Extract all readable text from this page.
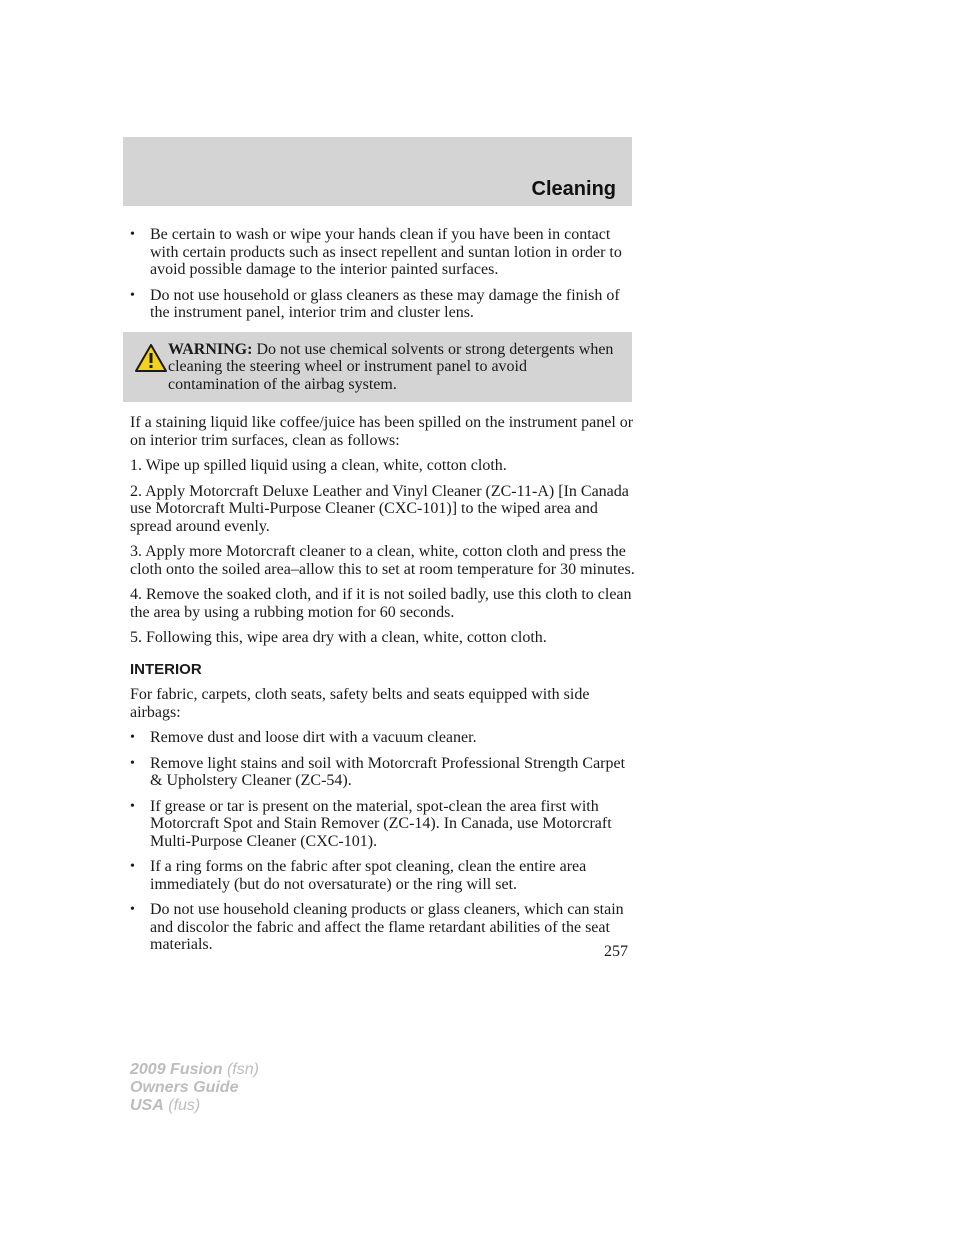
Cleaning
• Be certain to wash or wipe your hands clean if you have been in contact with certain products such as insect repellent and suntan lotion in order to avoid possible damage to the interior painted surfaces.
• Do not use household or glass cleaners as these may damage the finish of the instrument panel, interior trim and cluster lens.
WARNING: Do not use chemical solvents or strong detergents when cleaning the steering wheel or instrument panel to avoid contamination of the airbag system.

If a staining liquid like coffee/juice has been spilled on the instrument panel or on interior trim surfaces, clean as follows:

1. Wipe up spilled liquid using a clean, white, cotton cloth.

2. Apply Motorcraft Deluxe Leather and Vinyl Cleaner (ZC-11-A) [In Canada use Motorcraft Multi-Purpose Cleaner (CXC-101)] to the wiped area and spread around evenly.

3. Apply more Motorcraft cleaner to a clean, white, cotton cloth and press the cloth onto the soiled area–allow this to set at room temperature for 30 minutes.

4. Remove the soaked cloth, and if it is not soiled badly, use this cloth to clean the area by using a rubbing motion for 60 seconds.

5. Following this, wipe area dry with a clean, white, cotton cloth.

INTERIOR

For fabric, carpets, cloth seats, safety belts and seats equipped with side airbags:

• Remove dust and loose dirt with a vacuum cleaner.
• Remove light stains and soil with Motorcraft Professional Strength Carpet & Upholstery Cleaner (ZC-54).
• If grease or tar is present on the material, spot-clean the area first with Motorcraft Spot and Stain Remover (ZC-14). In Canada, use Motorcraft Multi-Purpose Cleaner (CXC-101).
• If a ring forms on the fabric after spot cleaning, clean the entire area immediately (but do not oversaturate) or the ring will set.
• Do not use household cleaning products or glass cleaners, which can stain and discolor the fabric and affect the flame retardant abilities of the seat materials.	257
2009 Fusion (fsn)
Owners Guide
USA (fus)
